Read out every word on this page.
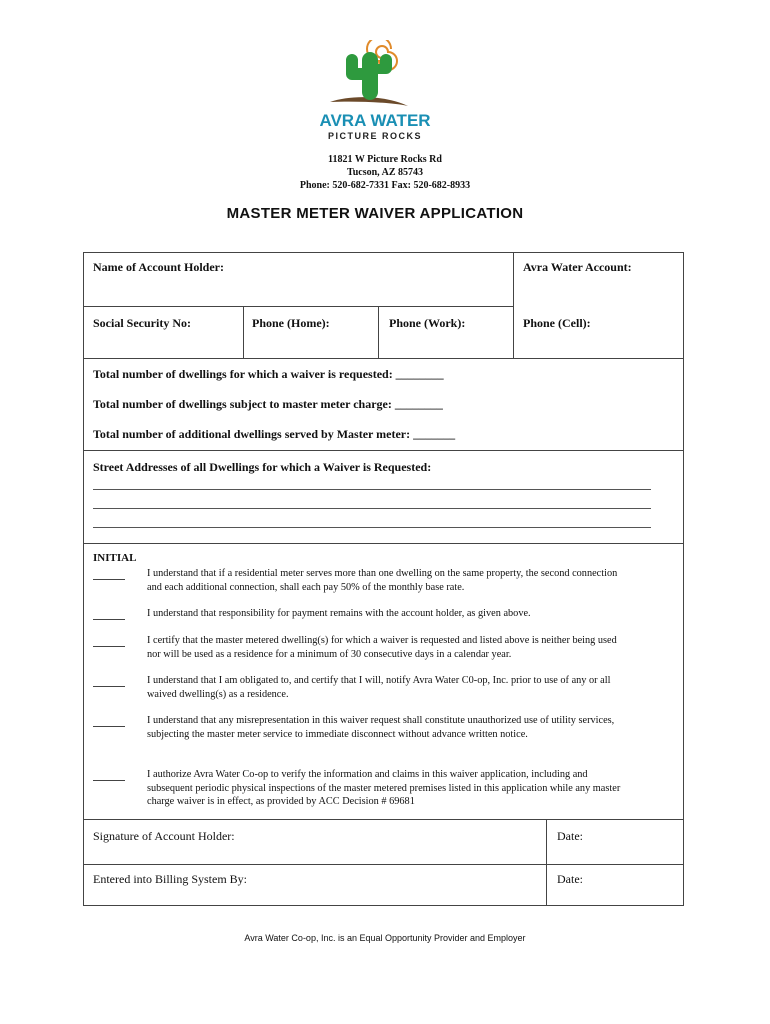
AVRA WATER
PICTURE ROCKS
11821 W Picture Rocks Rd
Tucson, AZ 85743
Phone: 520-682-7331 Fax: 520-682-8933
MASTER METER WAIVER APPLICATION
Name of Account Holder:	Avra Water Account:
Social Security No:	Phone (Home):	Phone (Work):	Phone (Cell):
Total number of dwellings for which a waiver is requested: ________
Total number of dwellings subject to master meter charge: ________
Total number of additional dwellings served by Master meter: _______
Street Addresses of all Dwellings for which a Waiver is Requested:
INITIAL
I understand that if a residential meter serves more than one dwelling on the same property, the second connection and each additional connection, shall each pay 50% of the monthly base rate.
I understand that responsibility for payment remains with the account holder, as given above.
I certify that the master metered dwelling(s) for which a waiver is requested and listed above is neither being used nor will be used as a residence for a minimum of 30 consecutive days in a calendar year.
I understand that I am obligated to, and certify that I will, notify Avra Water C0-op, Inc. prior to use of any or all waived dwelling(s) as a residence.
I understand that any misrepresentation in this waiver request shall constitute unauthorized use of utility services, subjecting the master meter service to immediate disconnect without advance written notice.
I authorize Avra Water Co-op to verify the information and claims in this waiver application, including and subsequent periodic physical inspections of the master metered premises listed in this application while any master charge waiver is in effect, as provided by ACC Decision # 69681
Signature of Account Holder:	Date:
Entered into Billing System By:	Date:
Avra Water Co-op, Inc. is an Equal Opportunity Provider and Employer
